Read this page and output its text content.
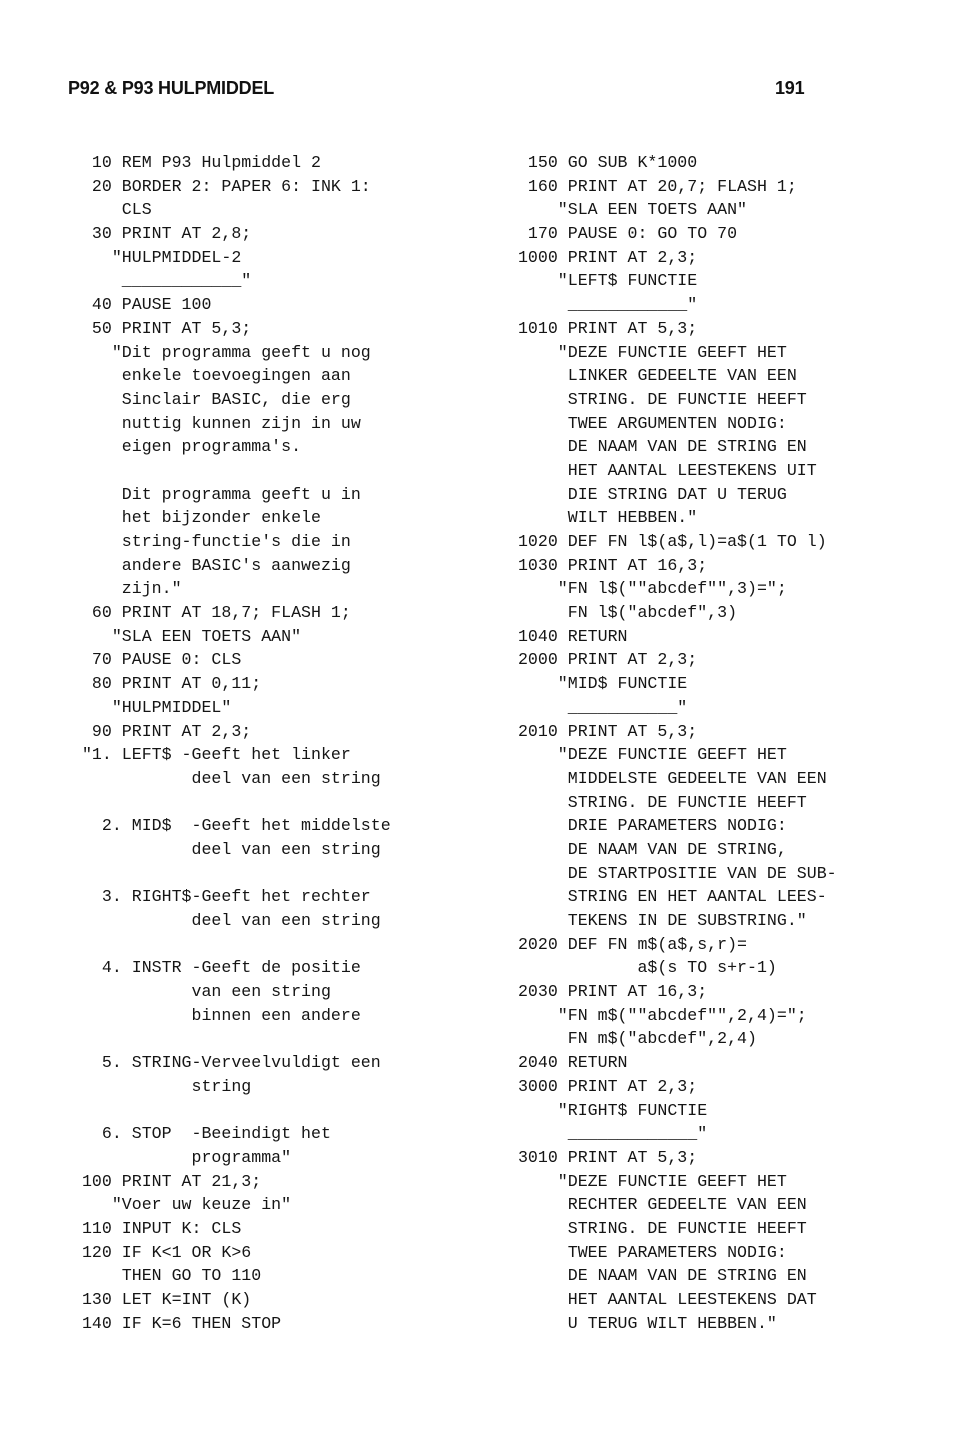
P92 & P93 HULPMIDDEL	191
10 REM P93 Hulpmiddel 2
20 BORDER 2: PAPER 6: INK 1:
CLS
30 PRINT AT 2,8;
"HULPMIDDEL-2
____________"
40 PAUSE 100
50 PRINT AT 5,3;
"Dit programma geeft u nog
enkele toevoegingen aan
Sinclair BASIC, die erg
nuttig kunnen zijn in uw
eigen programma's.
Dit programma geeft u in
het bijzonder enkele
string-functie's die in
andere BASIC's aanwezig
zijn."
60 PRINT AT 18,7; FLASH 1;
"SLA EEN TOETS AAN"
70 PAUSE 0: CLS
80 PRINT AT 0,11;
"HULPMIDDEL"
90 PRINT AT 2,3;
"1. LEFT$ -Geeft het linker
deel van een string
2. MID$  -Geeft het middelste
deel van een string
3. RIGHT$-Geeft het rechter
deel van een string
4. INSTR -Geeft de positie
van een string
binnen een andere
5. STRING-Verveelvuldigt een
string
6. STOP  -Beeindigt het
programma"
100 PRINT AT 21,3;
"Voer uw keuze in"
110 INPUT K: CLS
120 IF K<1 OR K>6
THEN GO TO 110
130 LET K=INT (K)
140 IF K=6 THEN STOP
150 GO SUB K*1000
160 PRINT AT 20,7; FLASH 1;
"SLA EEN TOETS AAN"
170 PAUSE 0: GO TO 70
1000 PRINT AT 2,3;
"LEFT$ FUNCTIE
____________"
1010 PRINT AT 5,3;
"DEZE FUNCTIE GEEFT HET
LINKER GEDEELTE VAN EEN
STRING. DE FUNCTIE HEEFT
TWEE ARGUMENTEN NODIG:
DE NAAM VAN DE STRING EN
HET AANTAL LEESTEKENS UIT
DIE STRING DAT U TERUG
WILT HEBBEN."
1020 DEF FN l$(a$,l)=a$(1 TO l)
1030 PRINT AT 16,3;
"FN l$(""abcdef"",3)=";
FN l$("abcdef",3)
1040 RETURN
2000 PRINT AT 2,3;
"MID$ FUNCTIE
___________"
2010 PRINT AT 5,3;
"DEZE FUNCTIE GEEFT HET
MIDDELSTE GEDEELTE VAN EEN
STRING. DE FUNCTIE HEEFT
DRIE PARAMETERS NODIG:
DE NAAM VAN DE STRING,
DE STARTPOSITIE VAN DE SUB-
STRING EN HET AANTAL LEES-
TEKENS IN DE SUBSTRING."
2020 DEF FN m$(a$,s,r)=
a$(s TO s+r-1)
2030 PRINT AT 16,3;
"FN m$(""abcdef"",2,4)=";
FN m$("abcdef",2,4)
2040 RETURN
3000 PRINT AT 2,3;
"RIGHT$ FUNCTIE
_____________"
3010 PRINT AT 5,3;
"DEZE FUNCTIE GEEFT HET
RECHTER GEDEELTE VAN EEN
STRING. DE FUNCTIE HEEFT
TWEE PARAMETERS NODIG:
DE NAAM VAN DE STRING EN
HET AANTAL LEESTEKENS DAT
U TERUG WILT HEBBEN."
